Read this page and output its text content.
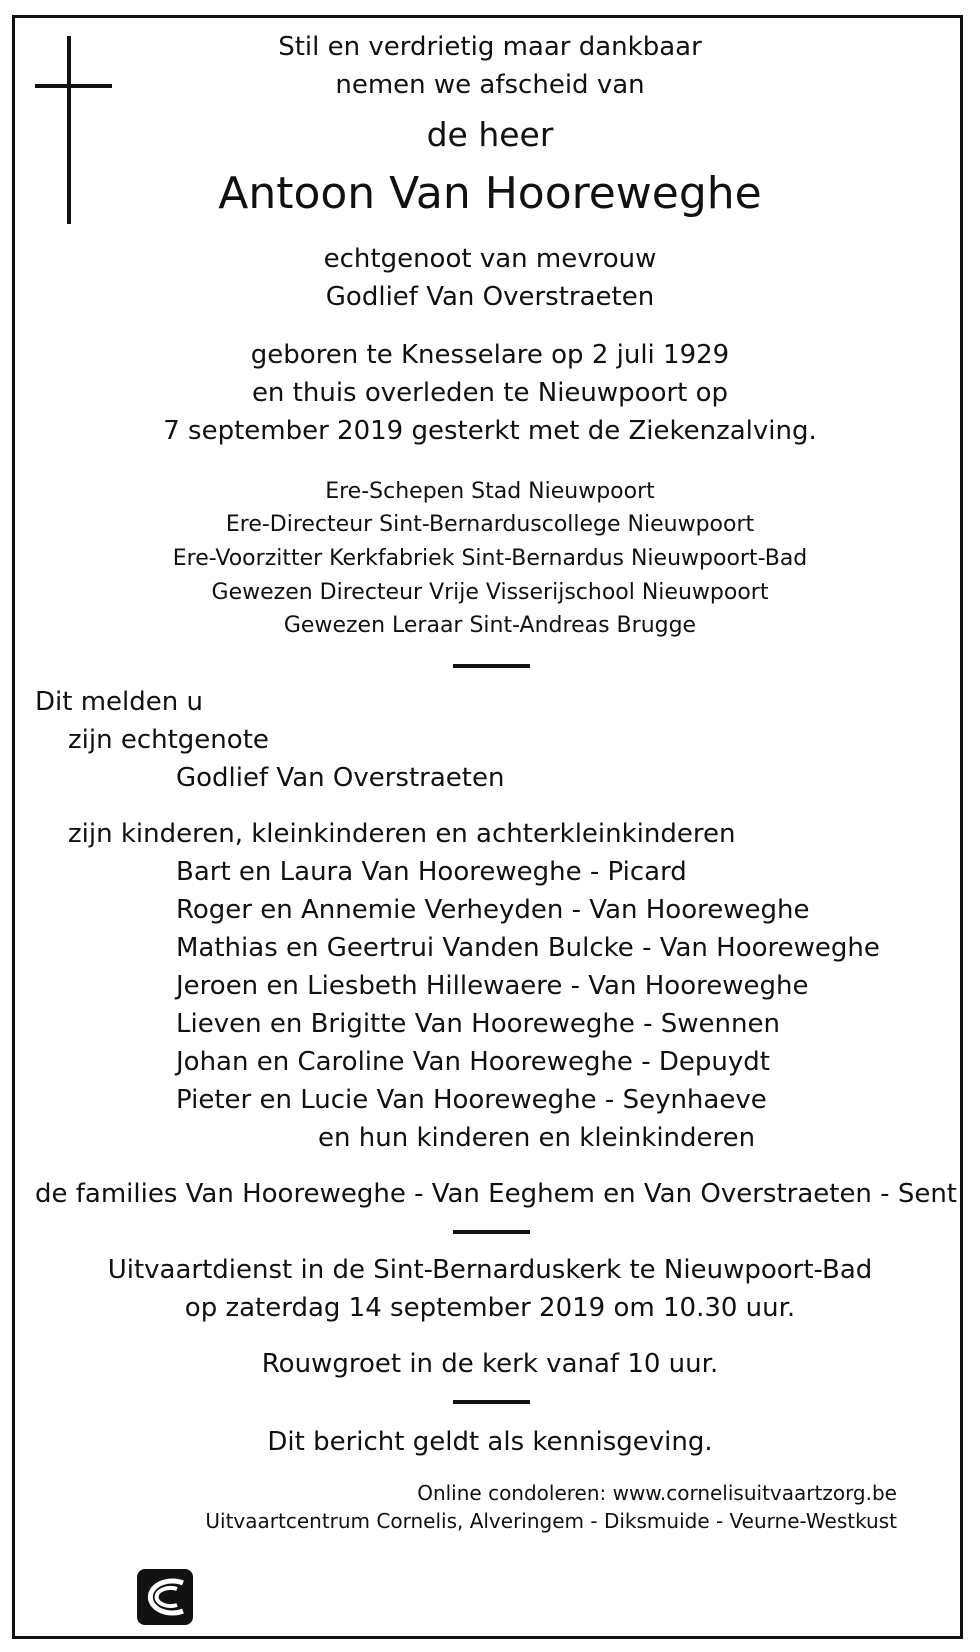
Stil en verdrietig maar dankbaar
nemen we afscheid van
de heer
Antoon Van Hooreweghe
echtgenoot van mevrouw
Godlief Van Overstraeten
geboren te Knesselare op 2 juli 1929
en thuis overleden te Nieuwpoort op
7 september 2019 gesterkt met de Ziekenzalving.
Ere-Schepen Stad Nieuwpoort
Ere-Directeur Sint-Bernarduscollege Nieuwpoort
Ere-Voorzitter Kerkfabriek Sint-Bernardus Nieuwpoort-Bad
Gewezen Directeur Vrije Visserijschool Nieuwpoort
Gewezen Leraar Sint-Andreas Brugge
Dit melden u
zijn echtgenote
Godlief Van Overstraeten
zijn kinderen, kleinkinderen en achterkleinkinderen
Bart en Laura Van Hooreweghe - Picard
Roger en Annemie Verheyden - Van Hooreweghe
Mathias en Geertrui Vanden Bulcke - Van Hooreweghe
Jeroen en Liesbeth Hillewaere - Van Hooreweghe
Lieven en Brigitte Van Hooreweghe - Swennen
Johan en Caroline Van Hooreweghe - Depuydt
Pieter en Lucie Van Hooreweghe - Seynhaeve
en hun kinderen en kleinkinderen
de families Van Hooreweghe - Van Eeghem en Van Overstraeten - Sent
Uitvaartdienst in de Sint-Bernarduskerk te Nieuwpoort-Bad
op zaterdag 14 september 2019 om 10.30 uur.
Rouwgroet in de kerk vanaf 10 uur.
Dit bericht geldt als kennisgeving.
Online condoleren: www.cornelisuitvaartzorg.be
Uitvaartcentrum Cornelis, Alveringem - Diksmuide - Veurne-Westkust
